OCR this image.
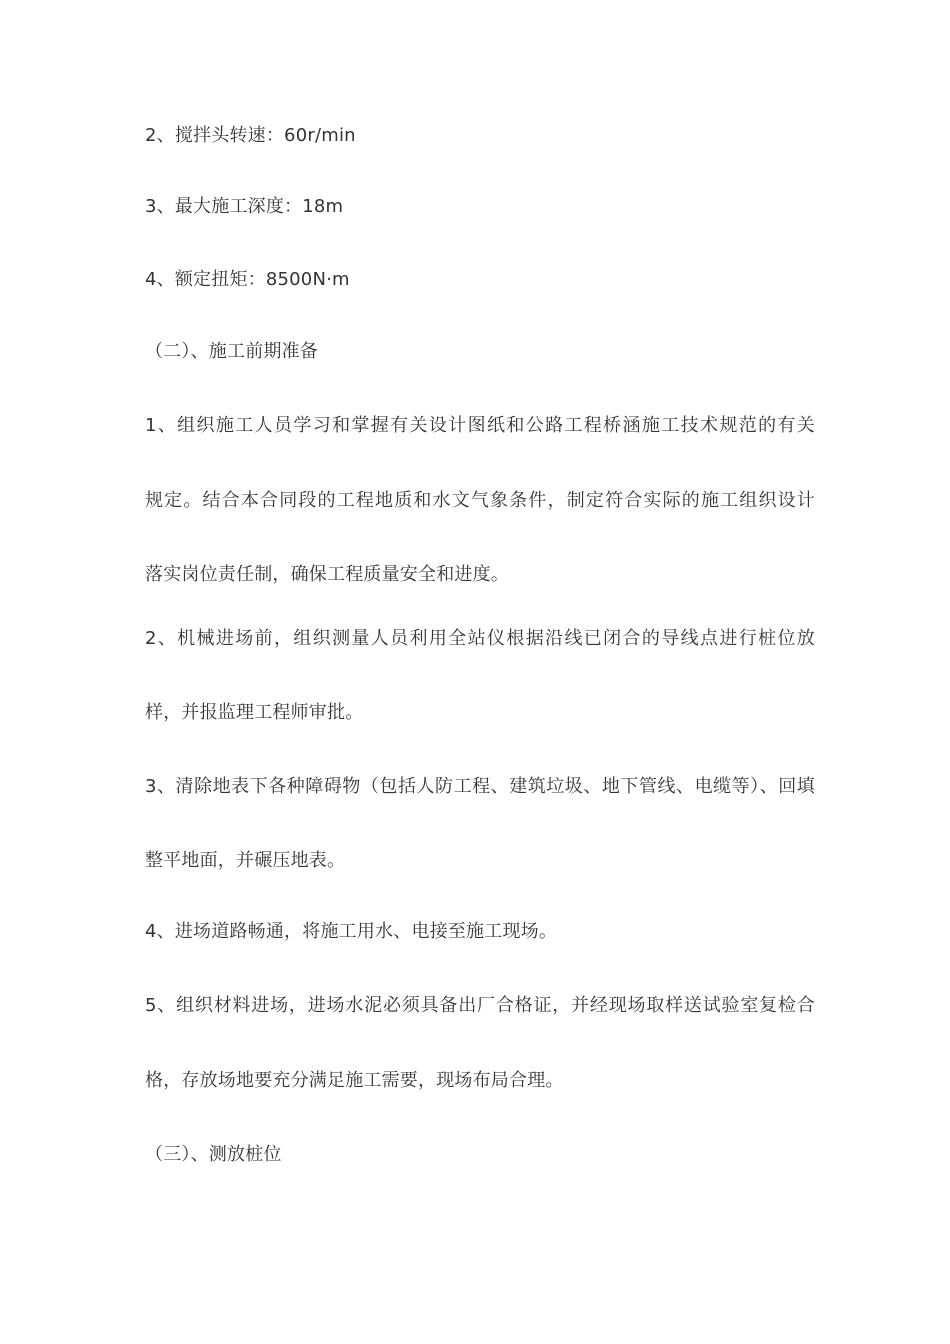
2、搅拌头转速：60r/min
3、最大施工深度：18m
4、额定扭矩：8500N·m
（二）、施工前期准备
1、组织施工人员学习和掌握有关设计图纸和公路工程桥涵施工技术规范的有关
规定。结合本合同段的工程地质和水文气象条件，制定符合实际的施工组织设计
落实岗位责任制，确保工程质量安全和进度。
2、机械进场前，组织测量人员利用全站仪根据沿线已闭合的导线点进行桩位放
样，并报监理工程师审批。
3、清除地表下各种障碍物（包括人防工程、建筑垃圾、地下管线、电缆等）、回填
整平地面，并碾压地表。
4、进场道路畅通，将施工用水、电接至施工现场。
5、组织材料进场，进场水泥必须具备出厂合格证，并经现场取样送试验室复检合
格，存放场地要充分满足施工需要，现场布局合理。
（三）、测放桩位
